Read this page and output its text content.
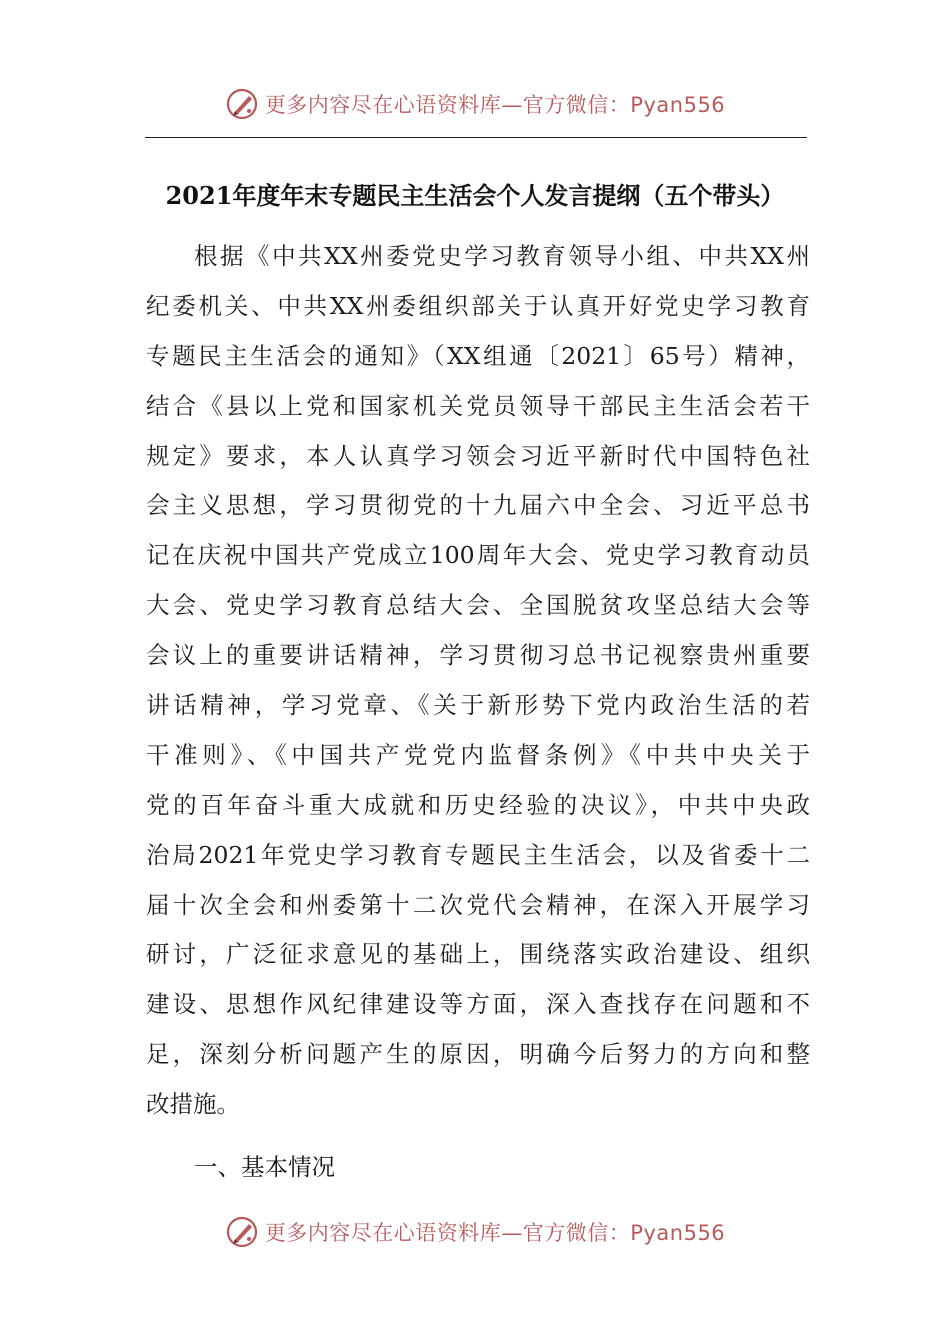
更多内容尽在心语资料库—官方微信：Pyan556
2021年度年末专题民主生活会个人发言提纲（五个带头）
根据《中共XX州委党史学习教育领导小组、中共XX州
纪委机关、中共XX州委组织部关于认真开好党史学习教育
专题民主生活会的通知》（XX组通〔2021〕65号）精神，
结合《县以上党和国家机关党员领导干部民主生活会若干
规定》要求，本人认真学习领会习近平新时代中国特色社
会主义思想，学习贯彻党的十九届六中全会、习近平总书
记在庆祝中国共产党成立100周年大会、党史学习教育动员
大会、党史学习教育总结大会、全国脱贫攻坚总结大会等
会议上的重要讲话精神，学习贯彻习总书记视察贵州重要
讲话精神，学习党章、《关于新形势下党内政治生活的若
干准则》、《中国共产党党内监督条例》《中共中央关于
党的百年奋斗重大成就和历史经验的决议》，中共中央政
治局2021年党史学习教育专题民主生活会，以及省委十二
届十次全会和州委第十二次党代会精神，在深入开展学习
研讨，广泛征求意见的基础上，围绕落实政治建设、组织
建设、思想作风纪律建设等方面，深入查找存在问题和不
足，深刻分析问题产生的原因，明确今后努力的方向和整
改措施。
一、基本情况
更多内容尽在心语资料库—官方微信：Pyan556
